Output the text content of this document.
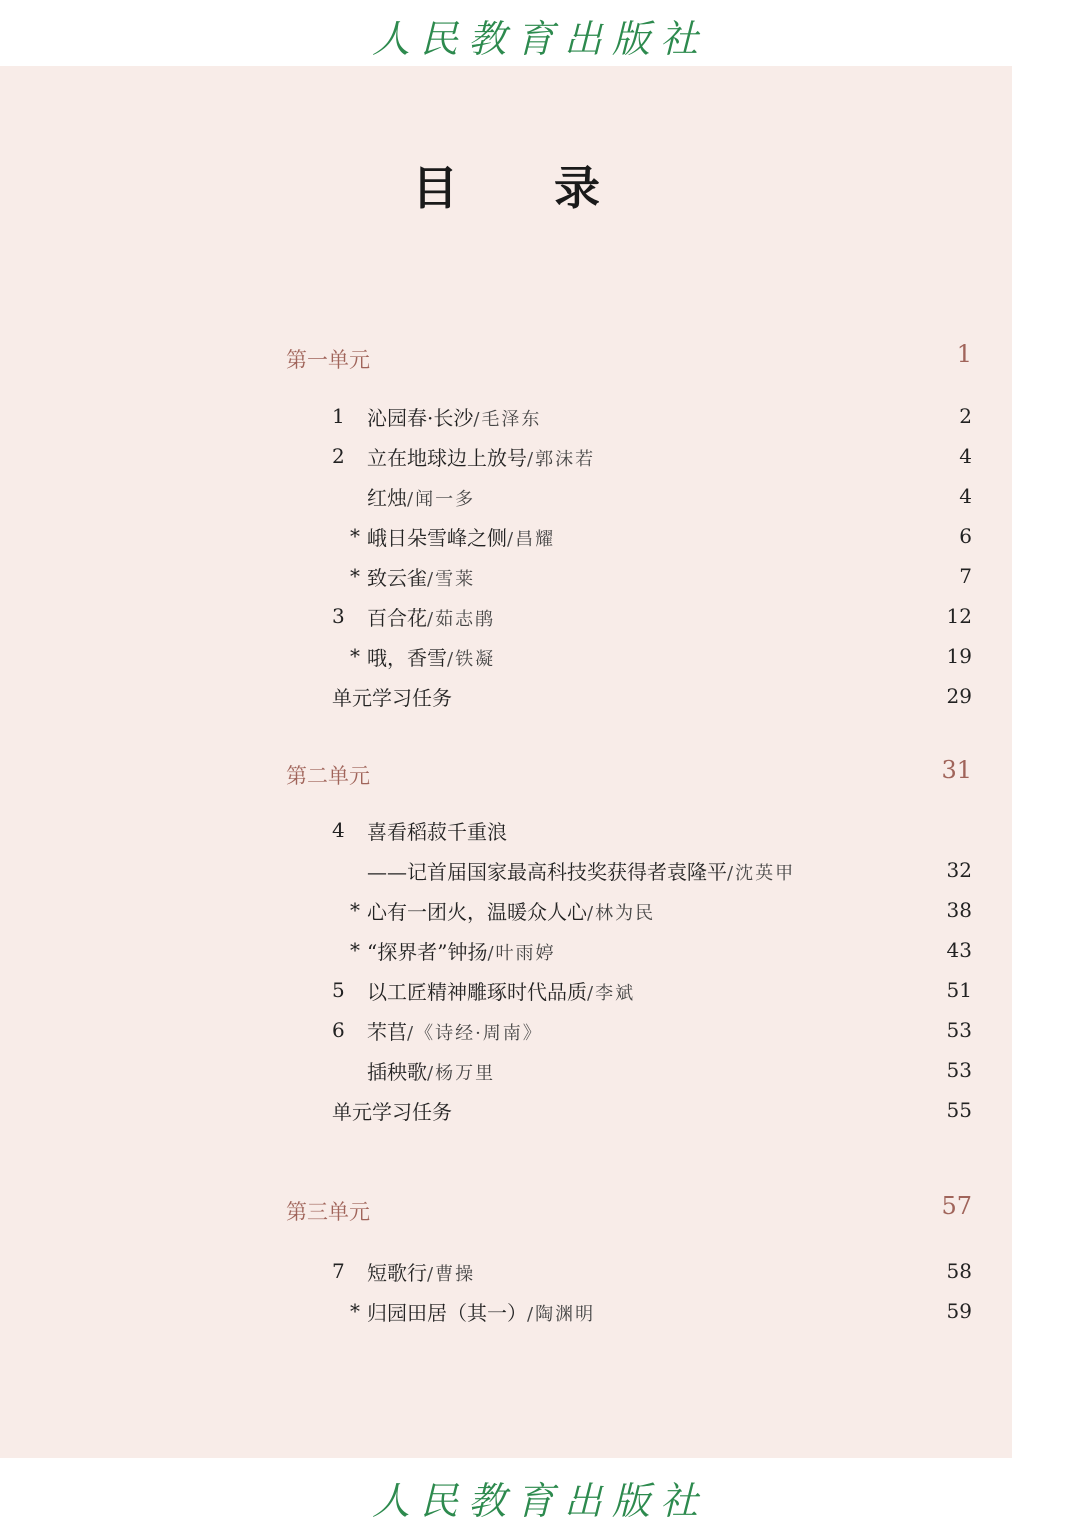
人民教育出版社
目 录
第一单元	1
1	沁园春·长沙/毛泽东	2
2	立在地球边上放号/郭沫若	4
红烛/闻一多	4
* 峨日朵雪峰之侧/昌耀	6
* 致云雀/雪莱	7
3	百合花/茹志鹃	12
* 哦，香雪/铁凝	19
单元学习任务	29
第二单元	31
4	喜看稻菽千重浪
——记首届国家最高科技奖获得者袁隆平/沈英甲	32
* 心有一团火，温暖众人心/林为民	38
* “探界者”钟扬/叶雨婷	43
5	以工匠精神雕琢时代品质/李斌	51
6	芣苢/《诗经·周南》	53
插秧歌/杨万里	53
单元学习任务	55
第三单元	57
7	短歌行/曹操	58
* 归园田居（其一）/陶渊明	59
人民教育出版社
